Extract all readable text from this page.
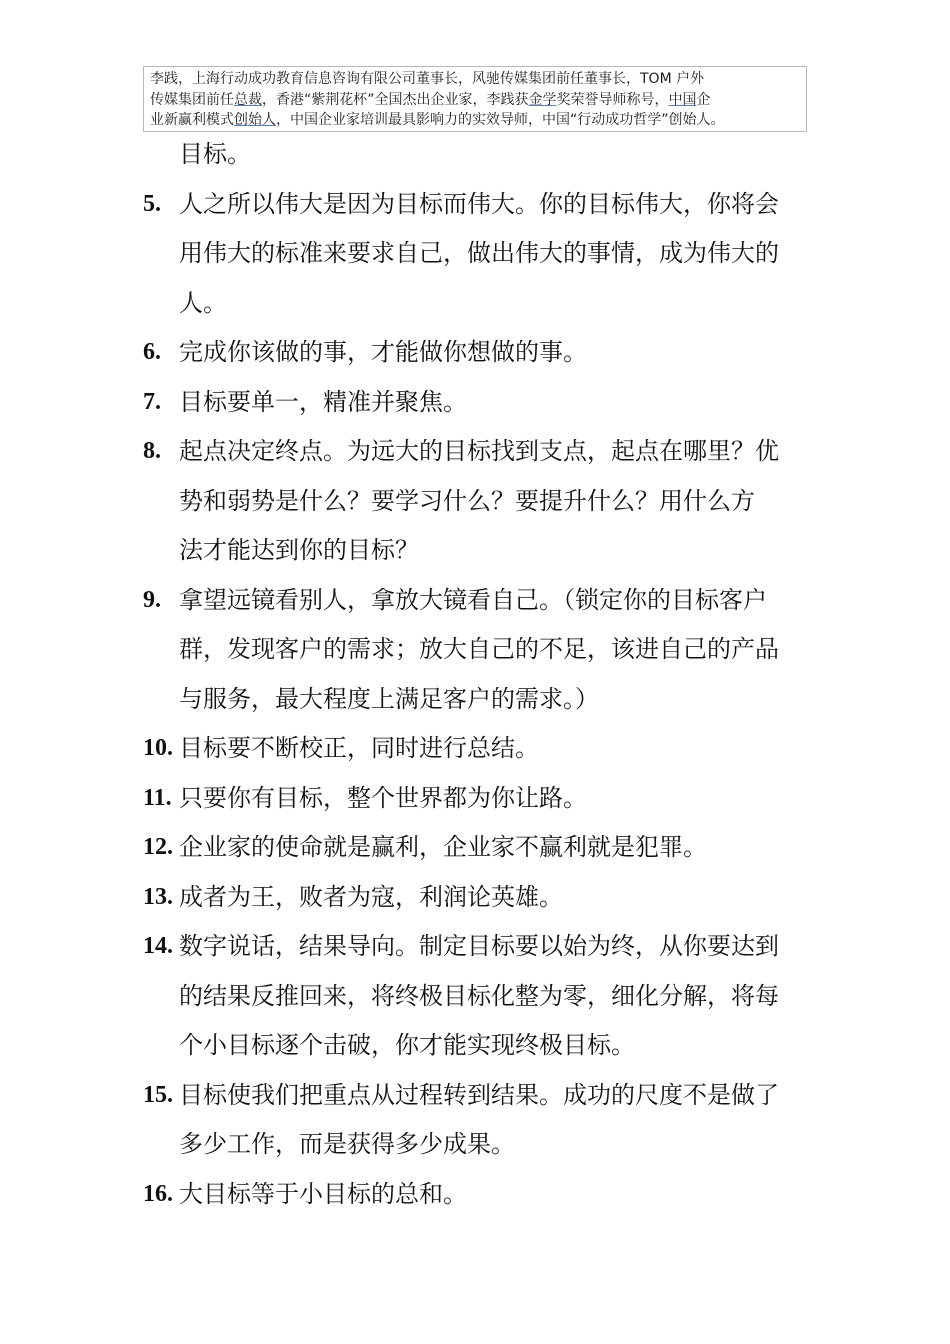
李践，上海行动成功教育信息咨询有限公司董事长，风驰传媒集团前任董事长，TOM 户外
传媒集团前任总裁，香港“紫荆花杯”全国杰出企业家，李践获金学奖荣誉导师称号，中国企
业新赢利模式创始人，中国企业家培训最具影响力的实效导师，中国“行动成功哲学”创始人。
目标。
5. 人之所以伟大是因为目标而伟大。你的目标伟大，你将会
用伟大的标准来要求自己，做出伟大的事情，成为伟大的
人。
6. 完成你该做的事，才能做你想做的事。
7. 目标要单一，精准并聚焦。
8. 起点决定终点。为远大的目标找到支点，起点在哪里？优
势和弱势是什么？要学习什么？要提升什么？用什么方
法才能达到你的目标？
9. 拿望远镜看别人，拿放大镜看自己。（锁定你的目标客户
群，发现客户的需求；放大自己的不足，该进自己的产品
与服务，最大程度上满足客户的需求。）
10. 目标要不断校正，同时进行总结。
11. 只要你有目标，整个世界都为你让路。
12. 企业家的使命就是赢利，企业家不赢利就是犯罪。
13. 成者为王，败者为寇，利润论英雄。
14. 数字说话，结果导向。制定目标要以始为终，从你要达到
的结果反推回来，将终极目标化整为零，细化分解，将每
个小目标逐个击破，你才能实现终极目标。
15. 目标使我们把重点从过程转到结果。成功的尺度不是做了
多少工作，而是获得多少成果。
16. 大目标等于小目标的总和。
